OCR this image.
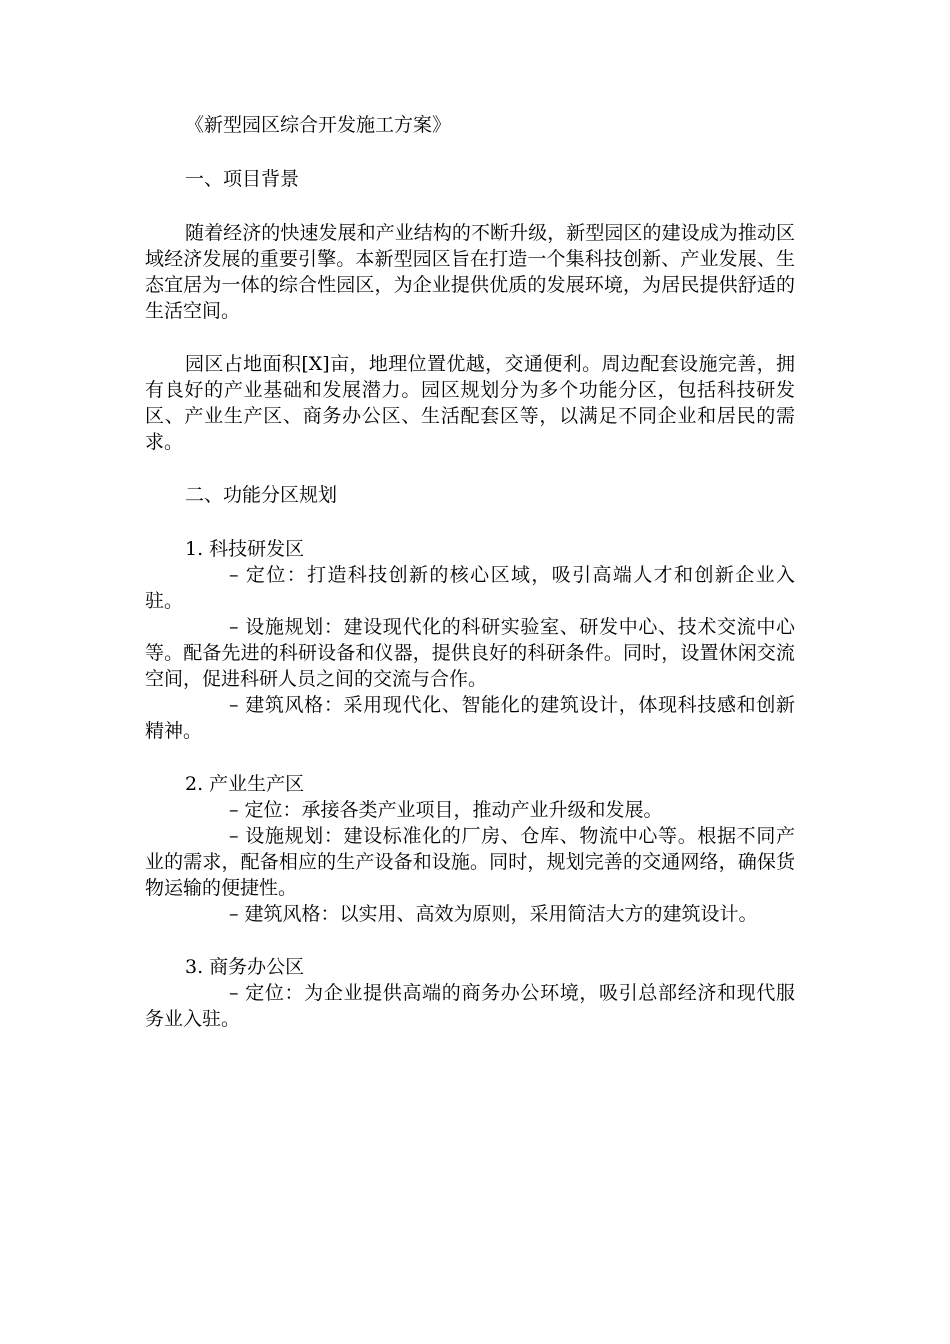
《新型园区综合开发施工方案》

一、项目背景

随着经济的快速发展和产业结构的不断升级，新型园区的建设成为推动区域经济发展的重要引擎。本新型园区旨在打造一个集科技创新、产业发展、生态宜居为一体的综合性园区，为企业提供优质的发展环境，为居民提供舒适的生活空间。

园区占地面积[X]亩，地理位置优越，交通便利。周边配套设施完善，拥有良好的产业基础和发展潜力。园区规划分为多个功能分区，包括科技研发区、产业生产区、商务办公区、生活配套区等，以满足不同企业和居民的需求。

二、功能分区规划

1. 科技研发区

– 定位：打造科技创新的核心区域，吸引高端人才和创新企业入驻。

– 设施规划：建设现代化的科研实验室、研发中心、技术交流中心等。配备先进的科研设备和仪器，提供良好的科研条件。同时，设置休闲交流空间，促进科研人员之间的交流与合作。

– 建筑风格：采用现代化、智能化的建筑设计，体现科技感和创新精神。

2. 产业生产区

– 定位：承接各类产业项目，推动产业升级和发展。

– 设施规划：建设标准化的厂房、仓库、物流中心等。根据不同产业的需求，配备相应的生产设备和设施。同时，规划完善的交通网络，确保货物运输的便捷性。

– 建筑风格：以实用、高效为原则，采用简洁大方的建筑设计。

3. 商务办公区

– 定位：为企业提供高端的商务办公环境，吸引总部经济和现代服务业入驻。
